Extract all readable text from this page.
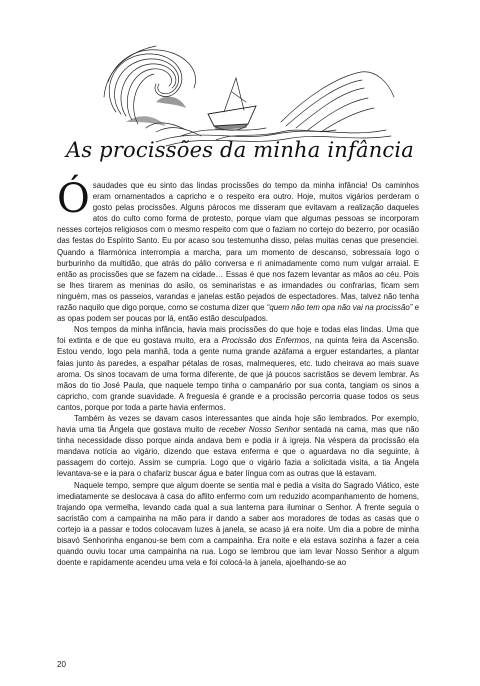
As procissões da minha infância

Ó saudades que eu sinto das lindas procissões do tempo da minha infância! Os caminhos eram ornamentados a capricho e o respeito era outro. Hoje, muitos vigários perderam o gosto pelas procissões. Alguns párocos me disseram que evitavam a realização daqueles atos do culto como forma de protesto, porque viam que algumas pessoas se incorporam nesses cortejos religiosos com o mesmo respeito com que o faziam no cortejo do bezerro, por ocasião das festas do Espírito Santo. Eu por acaso sou testemunha disso, pelas muitas cenas que presenciei. Quando a filarmónica interrompia a marcha, para um momento de descanso, sobressaía logo o burburinho da multidão, que atrás do pálio conversa e ri animadamente como num vulgar arraial. E então as procissões que se fazem na cidade… Essas é que nos fazem levantar as mãos ao céu. Pois se lhes tirarem as meninas do asilo, os seminaristas e as irmandades ou confrarias, ficam sem ninguém, mas os passeios, varandas e janelas estão pejados de espectadores. Mas, talvez não tenha razão naquilo que digo porque, como se costuma dizer que “quem não tem opa não vai na procissão” e as opas podem ser poucas por lá, então estão desculpados.

Nos tempos da minha infância, havia mais procissões do que hoje e todas elas lindas. Uma que foi extinta e de que eu gostava muito, era a Procissão dos Enfermos, na quinta feira da Ascensão. Estou vendo, logo pela manhã, toda a gente numa grande azáfama a erguer estandartes, a plantar faias junto às paredes, a espalhar pétalas de rosas, malmequeres, etc. tudo cheirava ao mais suave aroma. Os sinos tocavam de uma forma diferente, de que já poucos sacristãos se devem lembrar. As mãos do tio José Paula, que naquele tempo tinha o campanário por sua conta, tangiam os sinos a capricho, com grande suavidade. A freguesia é grande e a procissão percorria quase todos os seus cantos, porque por toda a parte havia enfermos.

Também às vezes se davam casos interessantes que ainda hoje são lembrados. Por exemplo, havia uma tia Ângela que gostava muito de receber Nosso Senhor sentada na cama, mas que não tinha necessidade disso porque ainda andava bem e podia ir à igreja. Na véspera da procissão ela mandava notícia ao vigário, dizendo que estava enferma e que o aguardava no dia seguinte, à passagem do cortejo. Assim se cumpria. Logo que o vigário fazia a solicitada visita, a tia Ângela levantava-se e ia para o chafariz buscar água e bater língua com as outras que lá estavam.

Naquele tempo, sempre que algum doente se sentia mal e pedia a visita do Sagrado Viático, este imediatamente se deslocava à casa do aflito enfermo com um reduzido acompanhamento de homens, trajando opa vermelha, levando cada qual a sua lanterna para iluminar o Senhor. À frente seguia o sacristão com a campainha na mão para ir dando a saber aos moradores de todas as casas que o cortejo ia a passar e todos colocavam luzes à janela, se acaso já era noite. Um dia a pobre de minha bisavó Senhorinha enganou-se bem com a campainha. Era noite e ela estava sozinha a fazer a ceia quando ouviu tocar uma campainha na rua. Logo se lembrou que iam levar Nosso Senhor a algum doente e rapidamente acendeu uma vela e foi colocá-la à janela, ajoelhando-se ao

20
